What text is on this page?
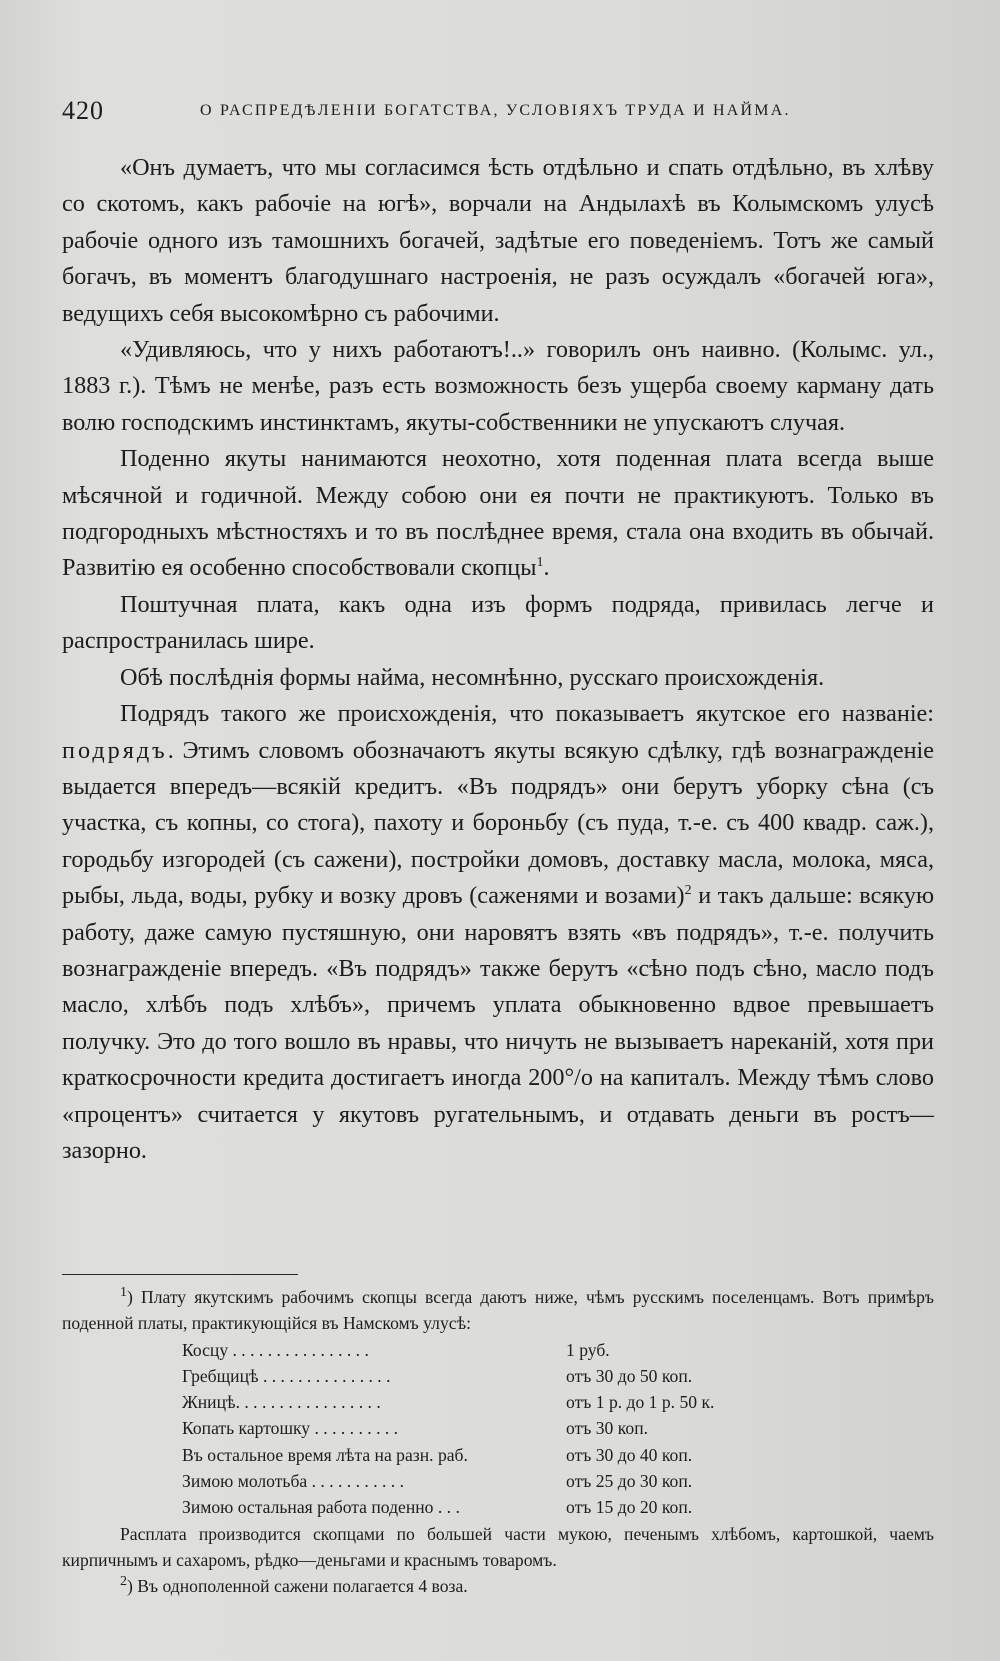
420	О РАСПРЕДѢЛЕНІИ БОГАТСТВА, УСЛОВІЯХЪ ТРУДА И НАЙМА.

«Онъ думаетъ, что мы согласимся ѣсть отдѣльно и спать отдѣльно, въ хлѣву со скотомъ, какъ рабочіе на югѣ», ворчали на Андылахѣ въ Колымскомъ улусѣ рабочіе одного изъ тамошнихъ богачей, задѣтые его поведеніемъ. Тотъ же самый богачъ, въ моментъ благодушнаго настроенія, не разъ осуждалъ «богачей юга», ведущихъ себя высокомѣрно съ рабочими.

«Удивляюсь, что у нихъ работаютъ!..» говорилъ онъ наивно. (Колымс. ул., 1883 г.). Тѣмъ не менѣе, разъ есть возможность безъ ущерба своему карману дать волю господскимъ инстинктамъ, якуты-собственники не упускаютъ случая.

Поденно якуты нанимаются неохотно, хотя поденная плата всегда выше мѣсячной и годичной. Между собою они ея почти не практикуютъ. Только въ подгородныхъ мѣстностяхъ и то въ послѣднее время, стала она входить въ обычай. Развитію ея особенно способствовали скопцы$^1$.

Поштучная плата, какъ одна изъ формъ подряда, привилась легче и распространилась шире.

Обѣ послѣднія формы найма, несомнѣнно, русскаго происхожденія.

Подрядъ такого же происхожденія, что показываетъ якутское его названіе: подрядъ. Этимъ словомъ обозначаютъ якуты всякую сдѣлку, гдѣ вознагражденіе выдается впередъ—всякій кредитъ. «Въ подрядъ» они берутъ уборку сѣна (съ участка, съ копны, со стога), пахоту и бороньбу (съ пуда, т.-е. съ 400 квадр. саж.), городьбу изгородей (съ сажени), постройки домовъ, доставку масла, молока, мяса, рыбы, льда, воды, рубку и возку дровъ (саженями и возами)$^2$ и такъ дальше: всякую работу, даже самую пустяшную, они наровятъ взять «въ подрядъ», т.-е. получить вознагражденіе впередъ. «Въ подрядъ» также берутъ «сѣно подъ сѣно, масло подъ масло, хлѣбъ подъ хлѣбъ», причемъ уплата обыкновенно вдвое превышаетъ получку. Это до того вошло въ нравы, что ничуть не вызываетъ нареканій, хотя при краткосрочности кредита достигаетъ иногда 200°/о на капиталъ. Между тѣмъ слово «процентъ» считается у якутовъ ругательнымъ, и отдавать деньги въ ростъ—зазорно.

$^1$) Плату якутскимъ рабочимъ скопцы всегда даютъ ниже, чѣмъ русскимъ поселенцамъ. Вотъ примѣръ поденной платы, практикующійся въ Намскомъ улусѣ:

Косцу . . . . . . . . . . . . . . . .	1 руб.
Гребщицѣ . . . . . . . . . . . . . . .	отъ 30 до 50 коп.
Жницѣ. . . . . . . . . . . . . . . . .	отъ 1 р. до 1 р. 50 к.
Копать картошку . . . . . . . . . .	отъ 30 коп.
Въ остальное время лѣта на разн. раб.	отъ 30 до 40 коп.
Зимою молотьба . . . . . . . . . . .	отъ 25 до 30 коп.
Зимою остальная работа поденно . . .	отъ 15 до 20 коп.

Расплата производится скопцами по большей части мукою, печенымъ хлѣбомъ, картошкой, чаемъ кирпичнымъ и сахаромъ, рѣдко—деньгами и краснымъ товаромъ.

$^2$) Въ однополенной сажени полагается 4 воза.
